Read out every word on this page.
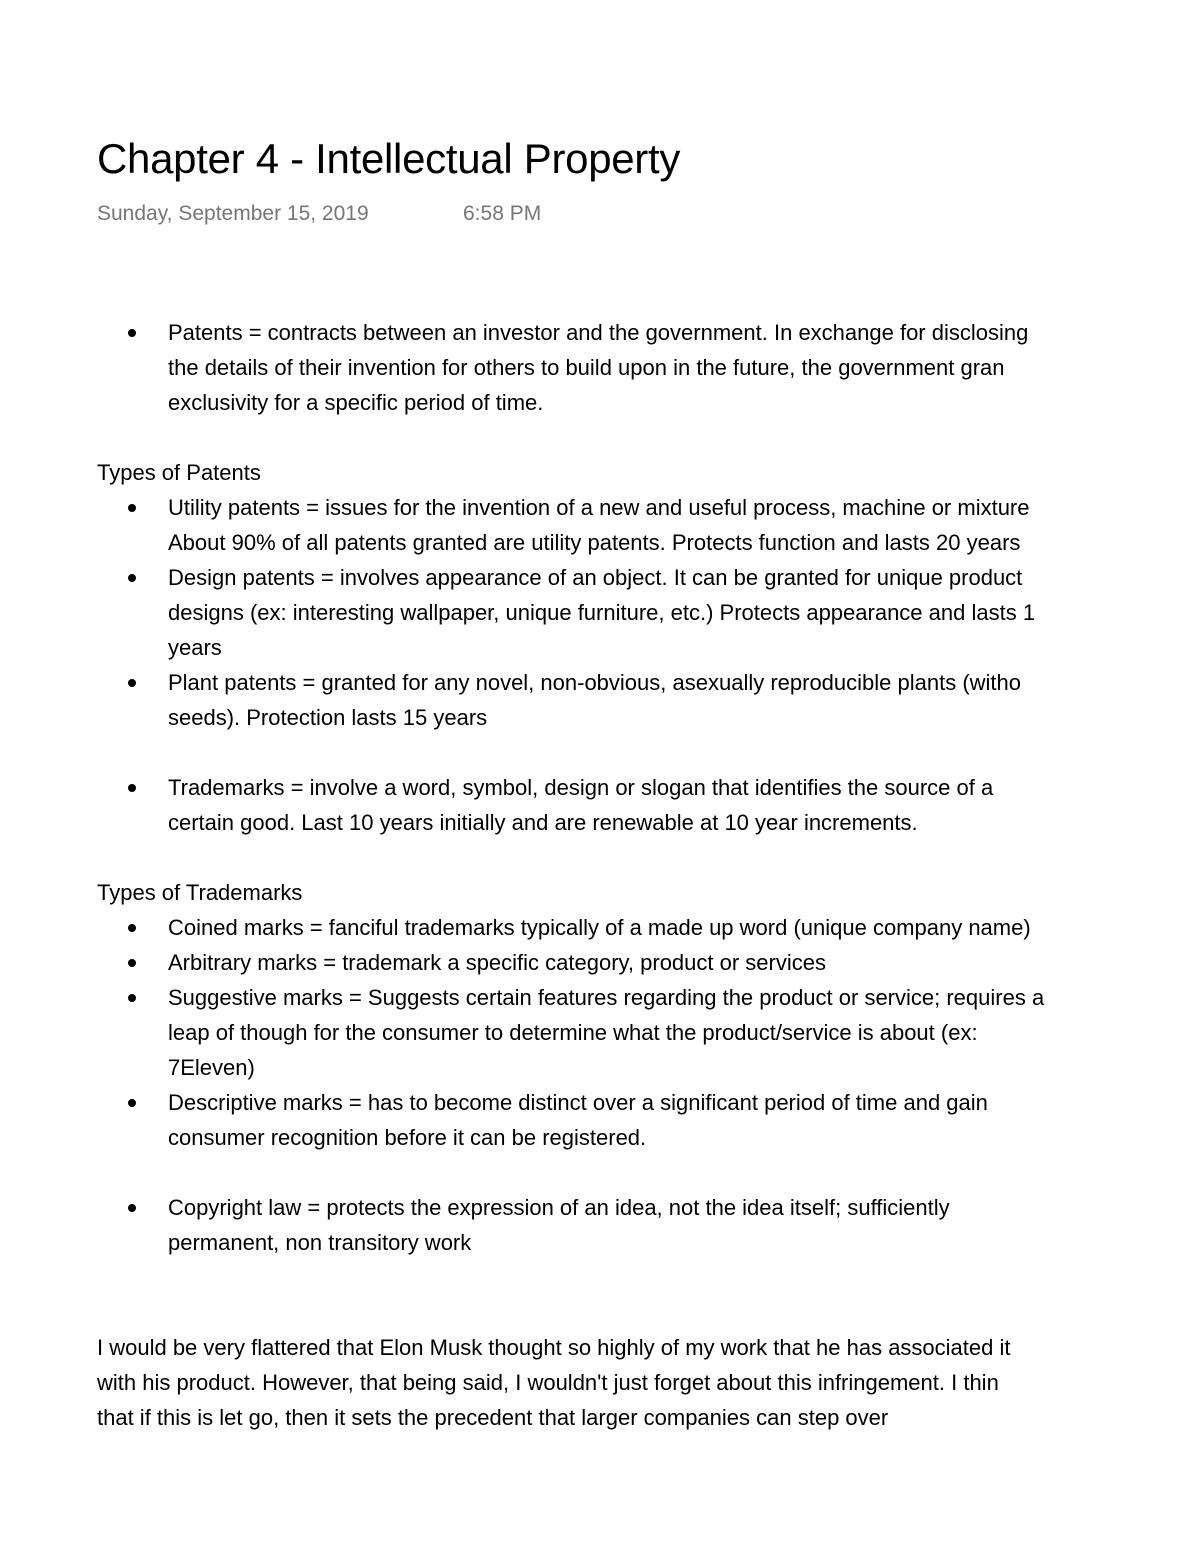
Chapter 4 - Intellectual Property
Sunday, September 15, 2019	6:58 PM
Patents = contracts between an investor and the government. In exchange for disclosing
the details of their invention for others to build upon in the future, the government gran
exclusivity for a specific period of time.
Types of Patents
Utility patents = issues for the invention of a new and useful process, machine or mixture
About 90% of all patents granted are utility patents. Protects function and lasts 20 years
Design patents = involves appearance of an object. It can be granted for unique product
designs (ex: interesting wallpaper, unique furniture, etc.) Protects appearance and lasts 1
years
Plant patents = granted for any novel, non-obvious, asexually reproducible plants (witho
seeds). Protection lasts 15 years
Trademarks = involve a word, symbol, design or slogan that identifies the source of a
certain good. Last 10 years initially and are renewable at 10 year increments.
Types of Trademarks
Coined marks = fanciful trademarks typically of a made up word (unique company name)
Arbitrary marks = trademark a specific category, product or services
Suggestive marks = Suggests certain features regarding the product or service; requires a
leap of though for the consumer to determine what the product/service is about (ex:
7Eleven)
Descriptive marks = has to become distinct over a significant period of time and gain
consumer recognition before it can be registered.
Copyright law = protects the expression of an idea, not the idea itself; sufficiently
permanent, non transitory work
I would be very flattered that Elon Musk thought so highly of my work that he has associated it
with his product. However, that being said, I wouldn't just forget about this infringement. I thin
that if this is let go, then it sets the precedent that larger companies can step over
